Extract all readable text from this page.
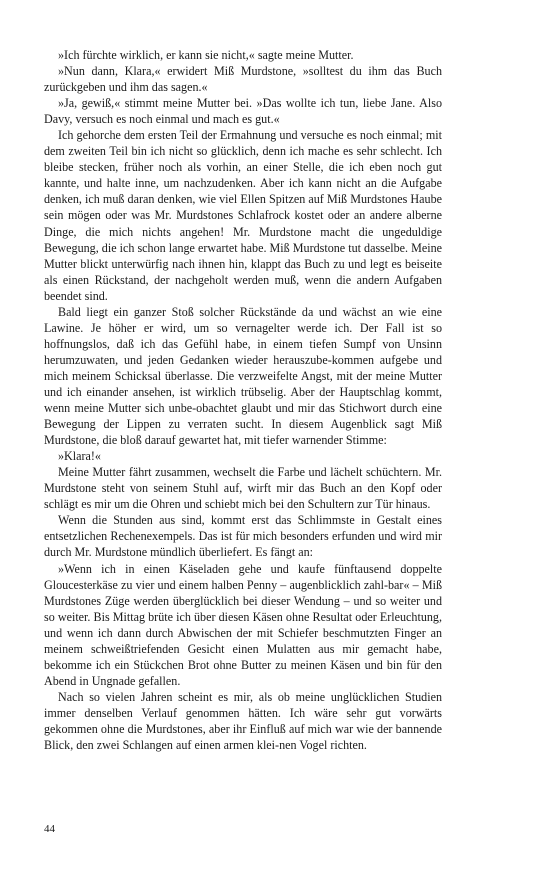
»Ich fürchte wirklich, er kann sie nicht,« sagte meine Mutter.

»Nun dann, Klara,« erwidert Miß Murdstone, »solltest du ihm das Buch zurückgeben und ihm das sagen.«

»Ja, gewiß,« stimmt meine Mutter bei. »Das wollte ich tun, liebe Jane. Also Davy, versuch es noch einmal und mach es gut.«

Ich gehorche dem ersten Teil der Ermahnung und versuche es noch einmal; mit dem zweiten Teil bin ich nicht so glücklich, denn ich mache es sehr schlecht. Ich bleibe stecken, früher noch als vorhin, an einer Stelle, die ich eben noch gut kannte, und halte inne, um nachzudenken. Aber ich kann nicht an die Aufgabe denken, ich muß daran denken, wie viel Ellen Spitzen auf Miß Murdstones Haube sein mögen oder was Mr. Murdstones Schlafrock kostet oder an andere alberne Dinge, die mich nichts angehen! Mr. Murdstone macht die ungeduldige Bewegung, die ich schon lange erwartet habe. Miß Murdstone tut dasselbe. Meine Mutter blickt unterwürfig nach ihnen hin, klappt das Buch zu und legt es beiseite als einen Rückstand, der nachgeholt werden muß, wenn die andern Aufgaben beendet sind.

Bald liegt ein ganzer Stoß solcher Rückstände da und wächst an wie eine Lawine. Je höher er wird, um so vernagelter werde ich. Der Fall ist so hoffnungslos, daß ich das Gefühl habe, in einem tiefen Sumpf von Unsinn herumzuwaten, und jeden Gedanken wieder herauszube-kommen aufgebe und mich meinem Schicksal überlasse. Die verzweifelte Angst, mit der meine Mutter und ich einander ansehen, ist wirklich trübselig. Aber der Hauptschlag kommt, wenn meine Mutter sich unbe-obachtet glaubt und mir das Stichwort durch eine Bewegung der Lippen zu verraten sucht. In diesem Augenblick sagt Miß Murdstone, die bloß darauf gewartet hat, mit tiefer warnender Stimme:

»Klara!«

Meine Mutter fährt zusammen, wechselt die Farbe und lächelt schüchtern. Mr. Murdstone steht von seinem Stuhl auf, wirft mir das Buch an den Kopf oder schlägt es mir um die Ohren und schiebt mich bei den Schultern zur Tür hinaus.

Wenn die Stunden aus sind, kommt erst das Schlimmste in Gestalt eines entsetzlichen Rechenexempels. Das ist für mich besonders erfunden und wird mir durch Mr. Murdstone mündlich überliefert. Es fängt an:

»Wenn ich in einen Käseladen gehe und kaufe fünftausend doppelte Gloucesterkäse zu vier und einem halben Penny – augenblicklich zahl-bar« – Miß Murdstones Züge werden überglücklich bei dieser Wendung – und so weiter und so weiter. Bis Mittag brüte ich über diesen Käsen ohne Resultat oder Erleuchtung, und wenn ich dann durch Abwischen der mit Schiefer beschmutzten Finger an meinem schweißtriefenden Gesicht einen Mulatten aus mir gemacht habe, bekomme ich ein Stückchen Brot ohne Butter zu meinen Käsen und bin für den Abend in Ungnade gefallen.

Nach so vielen Jahren scheint es mir, als ob meine unglücklichen Studien immer denselben Verlauf genommen hätten. Ich wäre sehr gut vorwärts gekommen ohne die Murdstones, aber ihr Einfluß auf mich war wie der bannende Blick, den zwei Schlangen auf einen armen klei-nen Vogel richten.

44
